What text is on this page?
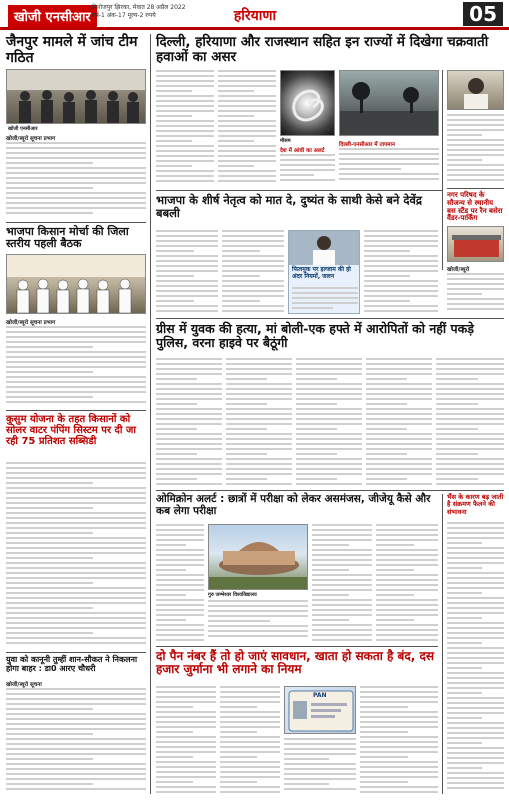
खोजी एनसीआर
फिरोजपुर झिरका, मेवात 28 अप्रैल 2022
वर्ष-1 अंक-17 मूल्य-2 रुपये	हरियाणा	05
जैनपुर मामले में जांच टीम गठित
खोजी एनसीआर
खोजी/ब्यूरो सूचना प्रभाग
भाजपा किसान मोर्चा की जिला स्तरीय पहली बैठक
खोजी/ब्यूरो सूचना प्रभाग
कुसुम योजना के तहत किसानों को सोलर वाटर पंपिंग सिस्टम पर दी जा रही 75 प्रतिशत सब्सिडी
युवा को कानूनी तुम्हीं शान-सौकत ने निकलना होगा बाहर : डा0 आरए चौधरी
खोजी/ब्यूरो सूचना
दिल्ली, हरियाणा और राजस्थान सहित इन राज्यों में दिखेगा चक्रवाती हवाओं का असर
मौसम
देश में आंधी का अलर्ट
दिल्ली-एनसीआर में तापमान
भाजपा के शीर्ष नेतृत्व को मात दे, दुष्यंत के साथी केसे बने देवेंद्र बबली
फिलमुक पर इल्जाम की हो अंदर नियमों, जलन
नगर परिषद के सौजन्य से स्थानीय बस स्टैंड पर रैन बसेरा वैंडर-पार्किंग
खोजी/ब्यूरो
ग्रीस में युवक की हत्या, मां बोली-एक हफ्ते में आरोपितों को नहीं पकड़े पुलिस, वरना हाइवे पर बैठूंगी
ओमिक्रोन अलर्ट : छात्रों में परीक्षा को लेकर असमंजस, जीजेयू कैसे और कब लेगा परीक्षा
गुरु जम्भेश्वर विश्वविद्यालय
भैंस के कारण बढ़ जाती है संक्रमण फैलने की संभावना
दो पैन नंबर हैं तो हो जाएं सावधान, खाता हो सकता है बंद, दस हजार जुर्माना भी लगाने का नियम
PAN
